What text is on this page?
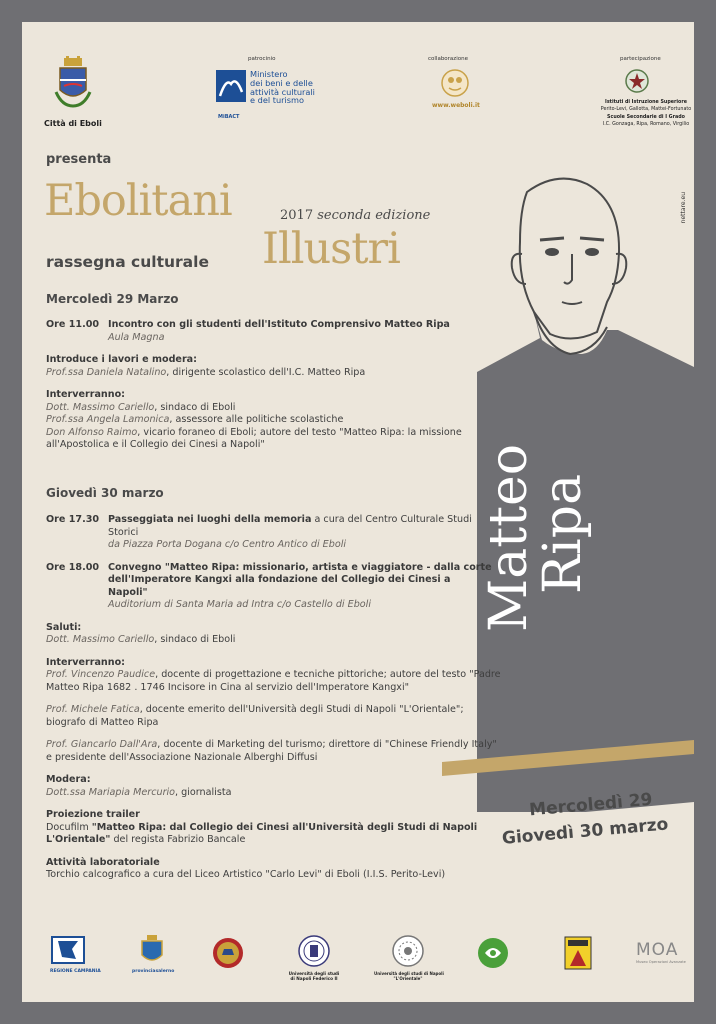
Città di Eboli
patrocinio
MiBACT
Ministero
dei beni e delle
attività culturali
e del turismo
collaborazione
www.weboli.it
partecipazione
Istituti di Istruzione Superiore
Perito-Levi, Gallotta, Mattei-Fortunato
Scuole Secondarie di I Grado
I.C. Gonzaga, Ripa, Romano, Virgilio
presenta
Ebolitani	2017 seconda edizione
Illustri
rassegna culturale
nettare.eu
Matteo
Ripa
Mercoledì 29
Giovedì 30 marzo
Mercoledì 29 Marzo
Ore 11.00 Incontro con gli studenti dell'Istituto Comprensivo Matteo Ripa
Aula Magna
Introduce i lavori e modera:
Prof.ssa Daniela Natalino, dirigente scolastico dell'I.C. Matteo Ripa
Interverranno:
Dott. Massimo Cariello, sindaco di Eboli
Prof.ssa Angela Lamonica, assessore alle politiche scolastiche
Don Alfonso Raimo, vicario foraneo di Eboli; autore del testo "Matteo Ripa: la missione
all'Apostolica e il Collegio dei Cinesi a Napoli"
Giovedì 30 marzo
Ore 17.30 Passeggiata nei luoghi della memoria a cura del Centro Culturale Studi Storici
da Piazza Porta Dogana c/o Centro Antico di Eboli
Ore 18.00 Convegno "Matteo Ripa: missionario, artista e viaggiatore - dalla corte
dell'Imperatore Kangxi alla fondazione del Collegio dei Cinesi a Napoli"
Auditorium di Santa Maria ad Intra c/o Castello di Eboli
Saluti:
Dott. Massimo Cariello, sindaco di Eboli
Interverranno:
Prof. Vincenzo Paudice, docente di progettazione e tecniche pittoriche; autore del testo "Padre
Matteo Ripa 1682 . 1746 Incisore in Cina al servizio dell'Imperatore Kangxi"
Prof. Michele Fatica, docente emerito dell'Università degli Studi di Napoli "L'Orientale";
biografo di Matteo Ripa
Prof. Giancarlo Dall'Ara, docente di Marketing del turismo; direttore di "Chinese Friendly Italy"
e presidente dell'Associazione Nazionale Alberghi Diffusi
Modera:
Dott.ssa Mariapia Mercurio, giornalista
Proiezione trailer
Docufilm "Matteo Ripa: dal Collegio dei Cinesi all'Università degli Studi di Napoli
L'Orientale" del regista Fabrizio Bancale
Attività laboratoriale
Torchio calcografico a cura del Liceo Artistico "Carlo Levi" di Eboli (I.I.S. Perito-Levi)
REGIONE CAMPANIA	provinciasalerno	Università degli studi
di Napoli Federico II
Università degli studi di Napoli
"L'Orientale"
MOA
Museo Operazioni Avanzate
